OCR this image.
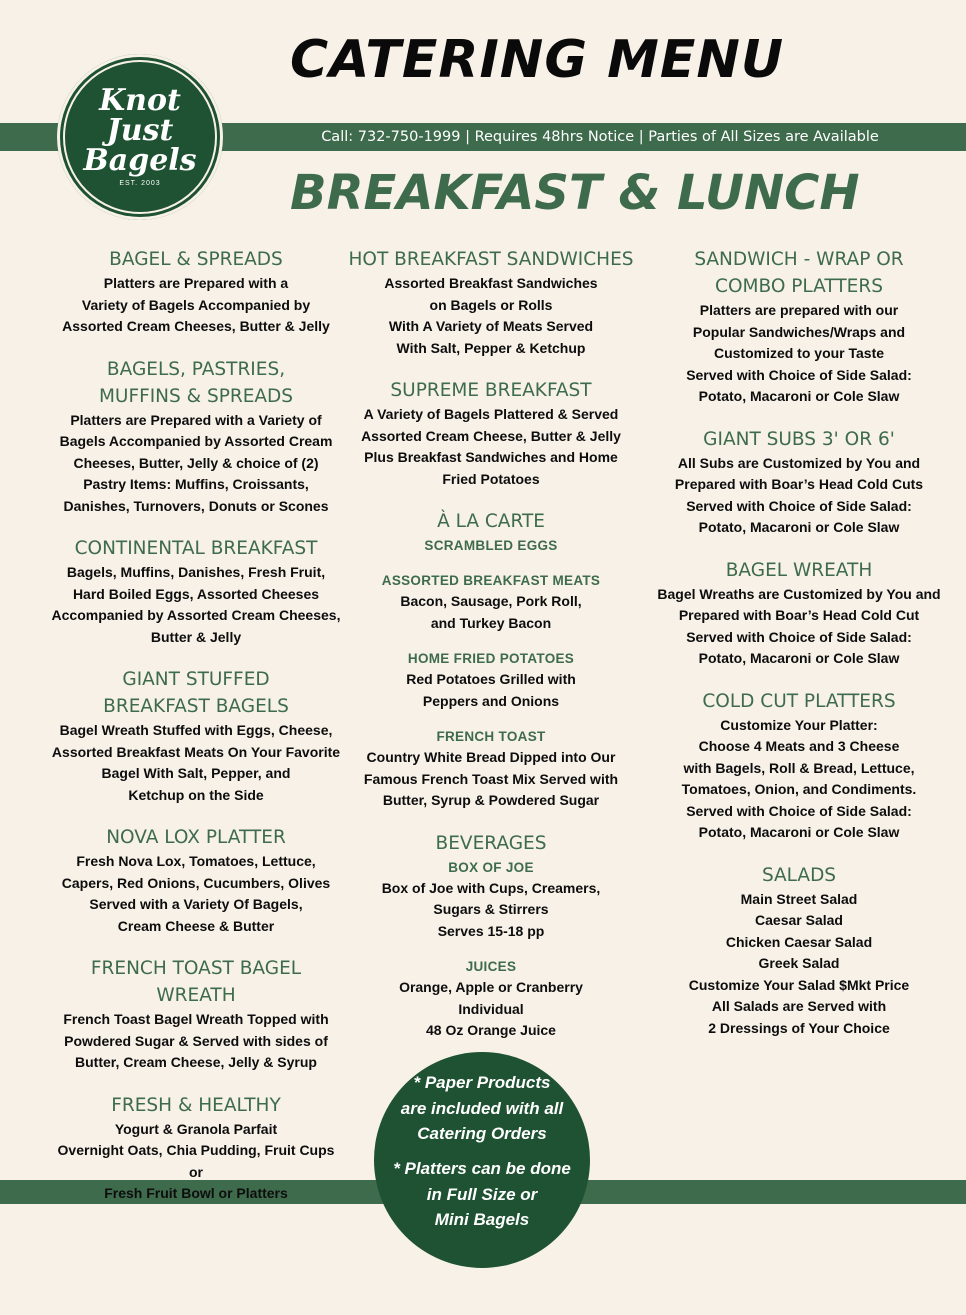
Call: 732-750-1999 | Requires 48hrs Notice | Parties of All Sizes are Available
CATERING MENU
BREAKFAST & LUNCH
Knot
Just
Bagels
EST. 2003
BAGEL & SPREADS
Platters are Prepared with a
Variety of Bagels Accompanied by
Assorted Cream Cheeses, Butter & Jelly
BAGELS, PASTRIES,
MUFFINS & SPREADS
Platters are Prepared with a Variety of
Bagels Accompanied by Assorted Cream
Cheeses, Butter, Jelly & choice of (2)
Pastry Items: Muffins, Croissants,
Danishes, Turnovers, Donuts or Scones
CONTINENTAL BREAKFAST
Bagels, Muffins, Danishes, Fresh Fruit,
Hard Boiled Eggs, Assorted Cheeses
Accompanied by Assorted Cream Cheeses,
Butter & Jelly
GIANT STUFFED
BREAKFAST BAGELS
Bagel Wreath Stuffed with Eggs, Cheese,
Assorted Breakfast Meats On Your Favorite
Bagel With Salt, Pepper, and
Ketchup on the Side
NOVA LOX PLATTER
Fresh Nova Lox, Tomatoes, Lettuce,
Capers, Red Onions, Cucumbers, Olives
Served with a Variety Of Bagels,
Cream Cheese & Butter
FRENCH TOAST BAGEL WREATH
French Toast Bagel Wreath Topped with
Powdered Sugar & Served with sides of
Butter, Cream Cheese, Jelly & Syrup
FRESH & HEALTHY
Yogurt & Granola Parfait
Overnight Oats, Chia Pudding, Fruit Cups or
Fresh Fruit Bowl or Platters
HOT BREAKFAST SANDWICHES
Assorted Breakfast Sandwiches
on Bagels or Rolls
With A Variety of Meats Served
With Salt, Pepper & Ketchup
SUPREME BREAKFAST
A Variety of Bagels Plattered & Served
Assorted Cream Cheese, Butter & Jelly
Plus Breakfast Sandwiches and Home
Fried Potatoes
À LA CARTE
SCRAMBLED EGGS
ASSORTED BREAKFAST MEATS
Bacon, Sausage, Pork Roll,
and Turkey Bacon
HOME FRIED POTATOES
Red Potatoes Grilled with
Peppers and Onions
FRENCH TOAST
Country White Bread Dipped into Our
Famous French Toast Mix Served with
Butter, Syrup & Powdered Sugar
BEVERAGES
BOX OF JOE
Box of Joe with Cups, Creamers,
Sugars & Stirrers
Serves 15-18 pp
JUICES
Orange, Apple or Cranberry
Individual
48 Oz Orange Juice
SANDWICH - WRAP OR
COMBO PLATTERS
Platters are prepared with our
Popular Sandwiches/Wraps and
Customized to your Taste
Served with Choice of Side Salad:
Potato, Macaroni or Cole Slaw
GIANT SUBS 3' OR 6'
All Subs are Customized by You and
Prepared with Boar’s Head Cold Cuts
Served with Choice of Side Salad:
Potato, Macaroni or Cole Slaw
BAGEL WREATH
Bagel Wreaths are Customized by You and
Prepared with Boar’s Head Cold Cut
Served with Choice of Side Salad:
Potato, Macaroni or Cole Slaw
COLD CUT PLATTERS
Customize Your Platter:
Choose 4 Meats and 3 Cheese
with Bagels, Roll & Bread, Lettuce,
Tomatoes, Onion, and Condiments.
Served with Choice of Side Salad:
Potato, Macaroni or Cole Slaw
SALADS
Main Street Salad
Caesar Salad
Chicken Caesar Salad
Greek Salad
Customize Your Salad $Mkt Price
All Salads are Served with
2 Dressings of Your Choice
* Paper Products
are included with all
Catering Orders
* Platters can be done
in Full Size or
Mini Bagels
